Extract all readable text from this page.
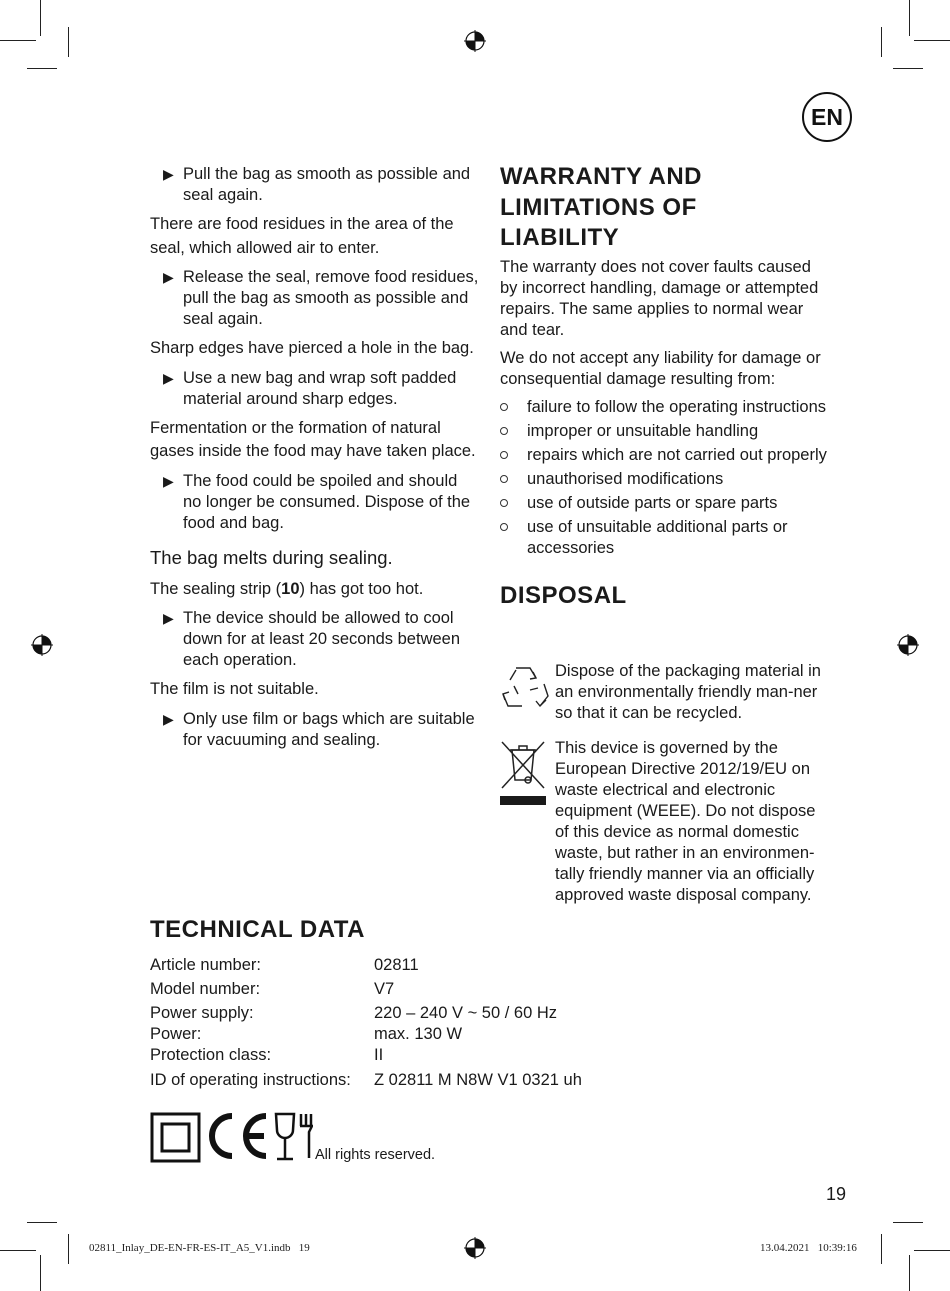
EN
▶ Pull the bag as smooth as possible and seal again.
There are food residues in the area of the seal, which allowed air to enter.
▶ Release the seal, remove food residues, pull the bag as smooth as possible and seal again.
Sharp edges have pierced a hole in the bag.
▶ Use a new bag and wrap soft padded material around sharp edges.
Fermentation or the formation of natural gases inside the food may have taken place.
▶ The food could be spoiled and should no longer be consumed. Dispose of the food and bag.
The bag melts during sealing.
The sealing strip (10) has got too hot.
▶ The device should be allowed to cool down for at least 20 seconds between each operation.
The film is not suitable.
▶ Only use film or bags which are suitable for vacuuming and sealing.
WARRANTY AND LIMITATIONS OF LIABILITY
The warranty does not cover faults caused by incorrect handling, damage or attempted repairs. The same applies to normal wear and tear.
We do not accept any liability for damage or consequential damage resulting from:
failure to follow the operating instructions
improper or unsuitable handling
repairs which are not carried out properly
unauthorised modifications
use of outside parts or spare parts
use of unsuitable additional parts or accessories
DISPOSAL
Dispose of the packaging material in an environmentally friendly man-ner so that it can be recycled.
This device is governed by the European Directive 2012/19/EU on waste electrical and electronic equipment (WEEE). Do not dispose of this device as normal domestic waste, but rather in an environmen-tally friendly manner via an officially approved waste disposal company.
TECHNICAL DATA
Article number:	02811
Model number:	V7
Power supply:	220 – 240 V ~ 50 / 60 Hz
Power:	max. 130 W
Protection class:	II
ID of operating instructions: Z 02811 M N8W V1 0321 uh
All rights reserved.
19
02811_Inlay_DE-EN-FR-ES-IT_A5_V1.indb   19	13.04.2021   10:39:16
